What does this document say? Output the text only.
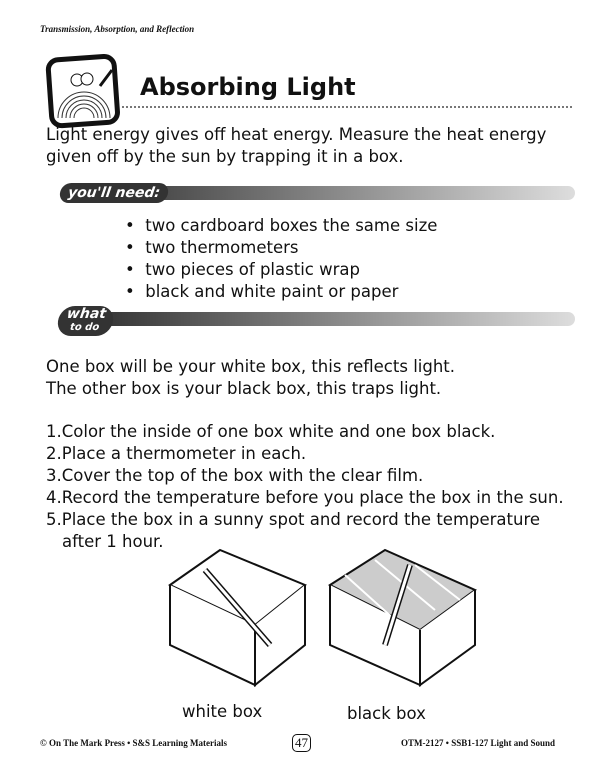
Transmission, Absorption, and Reflection
Absorbing Light
Light energy gives off heat energy. Measure the heat energy
given off by the sun by trapping it in a box.
you'll need:
•  two cardboard boxes the same size
•  two thermometers
•  two pieces of plastic wrap
•  black and white paint or paper
what
to do
One box will be your white box, this reflects light.
The other box is your black box, this traps light.
1.Color the inside of one box white and one box black.
2.Place a thermometer in each.
3.Cover the top of the box with the clear film.
4.Record the temperature before you place the box in the sun.
5.Place the box in a sunny spot and record the temperature
after 1 hour.
white box	black box
© On The Mark Press • S&S Learning Materials	47	OTM-2127 • SSB1-127 Light and Sound
